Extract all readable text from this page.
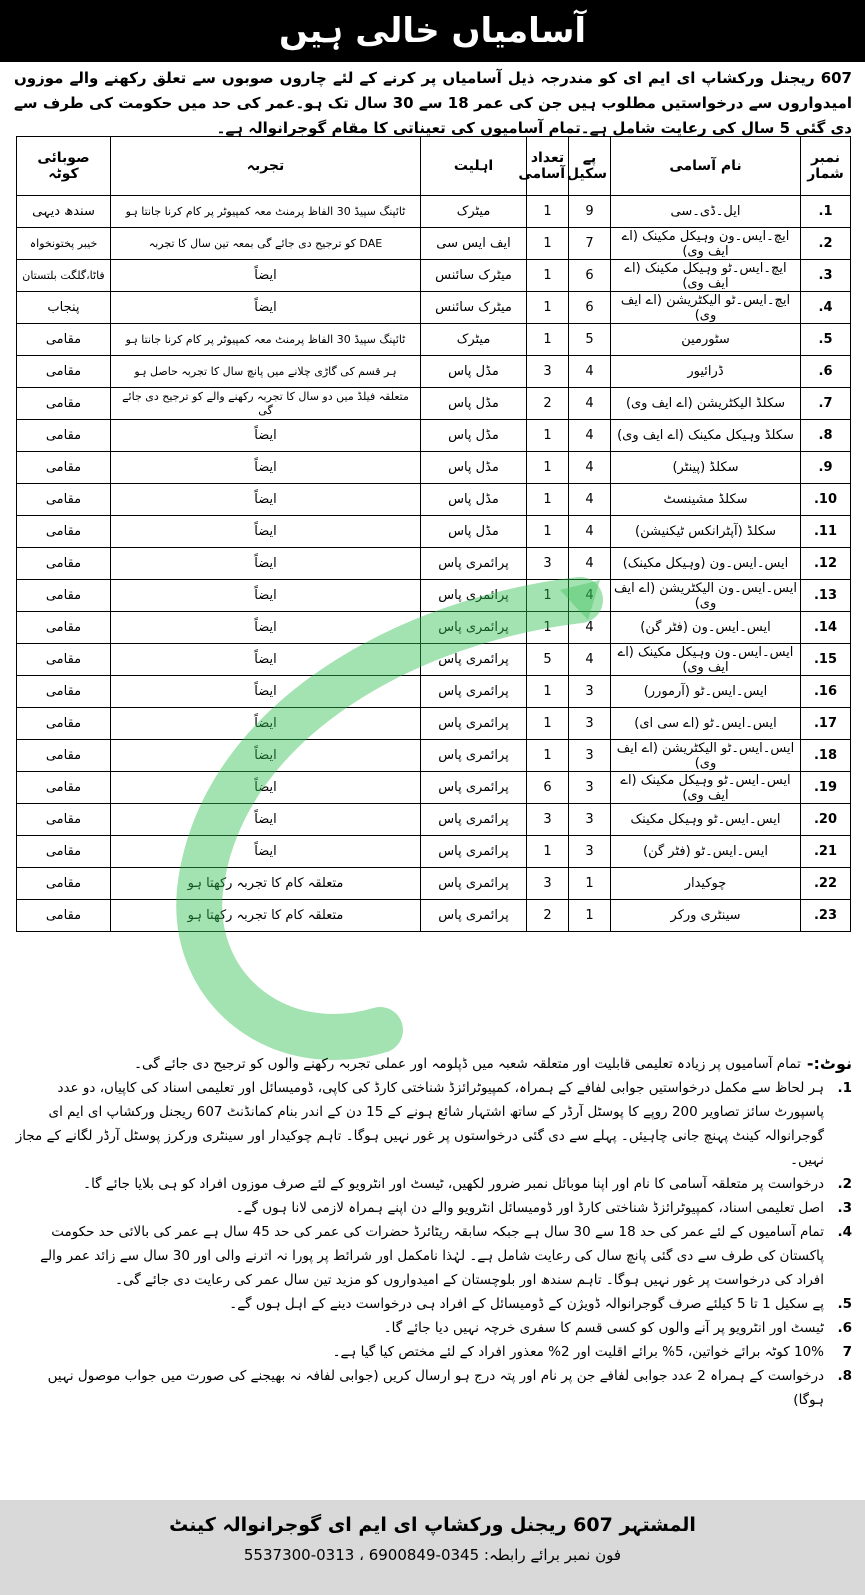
آسامیاں خالی ہیں
607 ریجنل ورکشاپ ای ایم ای کو مندرجہ ذیل آسامیاں پر کرنے کے لئے چاروں صوبوں سے تعلق رکھنے والے موزوں امیدواروں سے درخواستیں مطلوب ہیں جن کی عمر 18 سے 30 سال تک ہو۔عمر کی حد میں حکومت کی طرف سے دی گئی 5 سال کی رعایت شامل ہے۔تمام آسامیوں کی تعیناتی کا مقام گوجرانوالہ ہے۔
نمبر شمار	نام آسامی	پے سکیل	تعداد آسامی	اہلیت	تجربہ	صوبائی کوٹہ
1.	ایل۔ڈی۔سی	9	1	میٹرک	ٹائپنگ سپیڈ 30 الفاظ پرمنٹ معہ کمپیوٹر پر کام کرنا جانتا ہو	سندھ دیہی
2.	ایچ۔ایس۔ون وہیکل مکینک (اے ایف وی)	7	1	ایف ایس سی	DAE کو ترجیح دی جائے گی بمعہ تین سال کا تجربہ	خیبر پختونخواہ
3.	ایچ۔ایس۔ٹو وہیکل مکینک (اے ایف وی)	6	1	میٹرک سائنس	ایضاً	فاٹا،گلگت بلتستان
4.	ایچ۔ایس۔ٹو الیکٹریشن (اے ایف وی)	6	1	میٹرک سائنس	ایضاً	پنجاب
5.	سٹورمین	5	1	میٹرک	ٹائپنگ سپیڈ 30 الفاظ پرمنٹ معہ کمپیوٹر پر کام کرنا جانتا ہو	مقامی
6.	ڈرائیور	4	3	مڈل پاس	ہر قسم کی گاڑی چلانے میں پانچ سال کا تجربہ حاصل ہو	مقامی
7.	سکلڈ الیکٹریشن (اے ایف وی)	4	2	مڈل پاس	متعلقہ فیلڈ میں دو سال کا تجربہ رکھنے والے کو ترجیح دی جائے گی	مقامی
8.	سکلڈ وہیکل مکینک (اے ایف وی)	4	1	مڈل پاس	ایضاً	مقامی
9.	سکلڈ (پینٹر)	4	1	مڈل پاس	ایضاً	مقامی
10.	سکلڈ مشینسٹ	4	1	مڈل پاس	ایضاً	مقامی
11.	سکلڈ (آپٹرانکس ٹیکنیشن)	4	1	مڈل پاس	ایضاً	مقامی
12.	ایس۔ایس۔ون (وہیکل مکینک)	4	3	پرائمری پاس	ایضاً	مقامی
13.	ایس۔ایس۔ون الیکٹریشن (اے ایف وی)	4	1	پرائمری پاس	ایضاً	مقامی
14.	ایس۔ایس۔ون (فٹر گن)	4	1	پرائمری پاس	ایضاً	مقامی
15.	ایس۔ایس۔ون وہیکل مکینک (اے ایف وی)	4	5	پرائمری پاس	ایضاً	مقامی
16.	ایس۔ایس۔ٹو (آرمورر)	3	1	پرائمری پاس	ایضاً	مقامی
17.	ایس۔ایس۔ٹو (اے سی ای)	3	1	پرائمری پاس	ایضاً	مقامی
18.	ایس۔ایس۔ٹو الیکٹریشن (اے ایف وی)	3	1	پرائمری پاس	ایضاً	مقامی
19.	ایس۔ایس۔ٹو وہیکل مکینک (اے ایف وی)	3	6	پرائمری پاس	ایضاً	مقامی
20.	ایس۔ایس۔ٹو وہیکل مکینک	3	3	پرائمری پاس	ایضاً	مقامی
21.	ایس۔ایس۔ٹو (فٹر گن)	3	1	پرائمری پاس	ایضاً	مقامی
22.	چوکیدار	1	3	پرائمری پاس	متعلقہ کام کا تجربہ رکھتا ہو	مقامی
23.	سینٹری ورکر	1	2	پرائمری پاس	متعلقہ کام کا تجربہ رکھتا ہو	مقامی
نوٹ:-
تمام آسامیوں پر زیادہ تعلیمی قابلیت اور متعلقہ شعبہ میں ڈپلومہ اور عملی تجربہ رکھنے والوں کو ترجیح دی جائے گی۔
1.
ہر لحاظ سے مکمل درخواستیں جوابی لفافے کے ہمراہ، کمپیوٹرائزڈ شناختی کارڈ کی کاپی، ڈومیسائل اور تعلیمی اسناد کی کاپیاں، دو عدد پاسپورٹ سائز تصاویر 200 روپے کا پوسٹل آرڈر کے ساتھ اشتہار شائع ہونے کے 15 دن کے اندر بنام کمانڈنٹ 607 ریجنل ورکشاپ ای ایم ای گوجرانوالہ کینٹ پہنچ جانی چاہیئں۔ پہلے سے دی گئی درخواستوں پر غور نہیں ہوگا۔ تاہم چوکیدار اور سینٹری ورکرز پوسٹل آرڈر لگانے کے مجاز نہیں۔
2.
درخواست پر متعلقہ آسامی کا نام اور اپنا موبائل نمبر ضرور لکھیں، ٹیسٹ اور انٹرویو کے لئے صرف موزوں افراد کو ہی بلایا جائے گا۔
3.
اصل تعلیمی اسناد، کمپیوٹرائزڈ شناختی کارڈ اور ڈومیسائل انٹرویو والے دن اپنے ہمراہ لازمی لانا ہوں گے۔
4.
تمام آسامیوں کے لئے عمر کی حد 18 سے 30 سال ہے جبکہ سابقہ ریٹائرڈ حضرات کی عمر کی حد 45 سال ہے عمر کی بالائی حد حکومت پاکستان کی طرف سے دی گئی پانچ سال کی رعایت شامل ہے۔ لہٰذا نامکمل اور شرائط پر پورا نہ اترنے والی اور 30 سال سے زائد عمر والے افراد کی درخواست پر غور نہیں ہوگا۔ تاہم سندھ اور بلوچستان کے امیدواروں کو مزید تین سال عمر کی رعایت دی جائے گی۔
5.
پے سکیل 1 تا 5 کیلئے صرف گوجرانوالہ ڈویژن کے ڈومیسائل کے افراد ہی درخواست دینے کے اہل ہوں گے۔
6.
ٹیسٹ اور انٹرویو پر آنے والوں کو کسی قسم کا سفری خرچہ نہیں دیا جائے گا۔
7
10% کوٹہ برائے خواتین، 5% برائے اقلیت اور 2% معذور افراد کے لئے مختص کیا گیا ہے۔
8.
درخواست کے ہمراہ 2 عدد جوابی لفافے جن پر نام اور پتہ درج ہو ارسال کریں (جوابی لفافہ نہ بھیجنے کی صورت میں جواب موصول نہیں ہوگا)
المشتہر 607 ریجنل ورکشاپ ای ایم ای گوجرانوالہ کینٹ
فون نمبر برائے رابطہ: 0345-6900849 ، 0313-5537300
